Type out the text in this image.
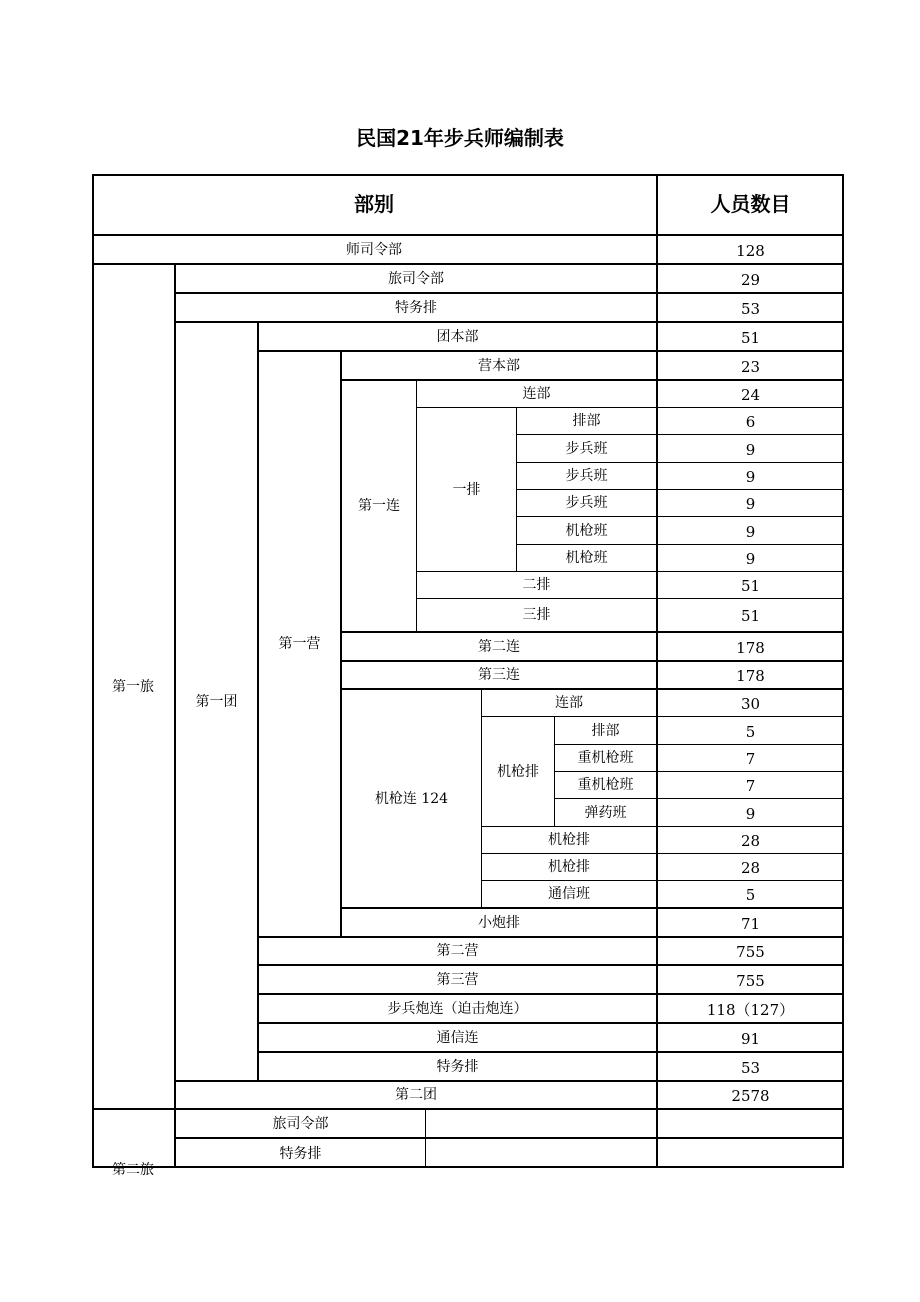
民国21年步兵师编制表
部别	人员数目
师司令部	128
第一旅
旅司令部	29
特务排	53
第一团
团本部	51
第一营
营本部	23
第一连
连部	24
一排
排部	6
步兵班	9
步兵班	9
步兵班	9
机枪班	9
机枪班	9
二排	51
三排	51
第二连	178
第三连	178
机枪连 124
连部	30
机枪排
排部	5
重机枪班	7
重机枪班	7
弹药班	9
机枪排	28
机枪排	28
通信班	5
小炮排	71
第二营	755
第三营	755
步兵炮连（迫击炮连）	118（127）
通信连	91
特务排	53
第二团	2578
第二旅
旅司令部
特务排
